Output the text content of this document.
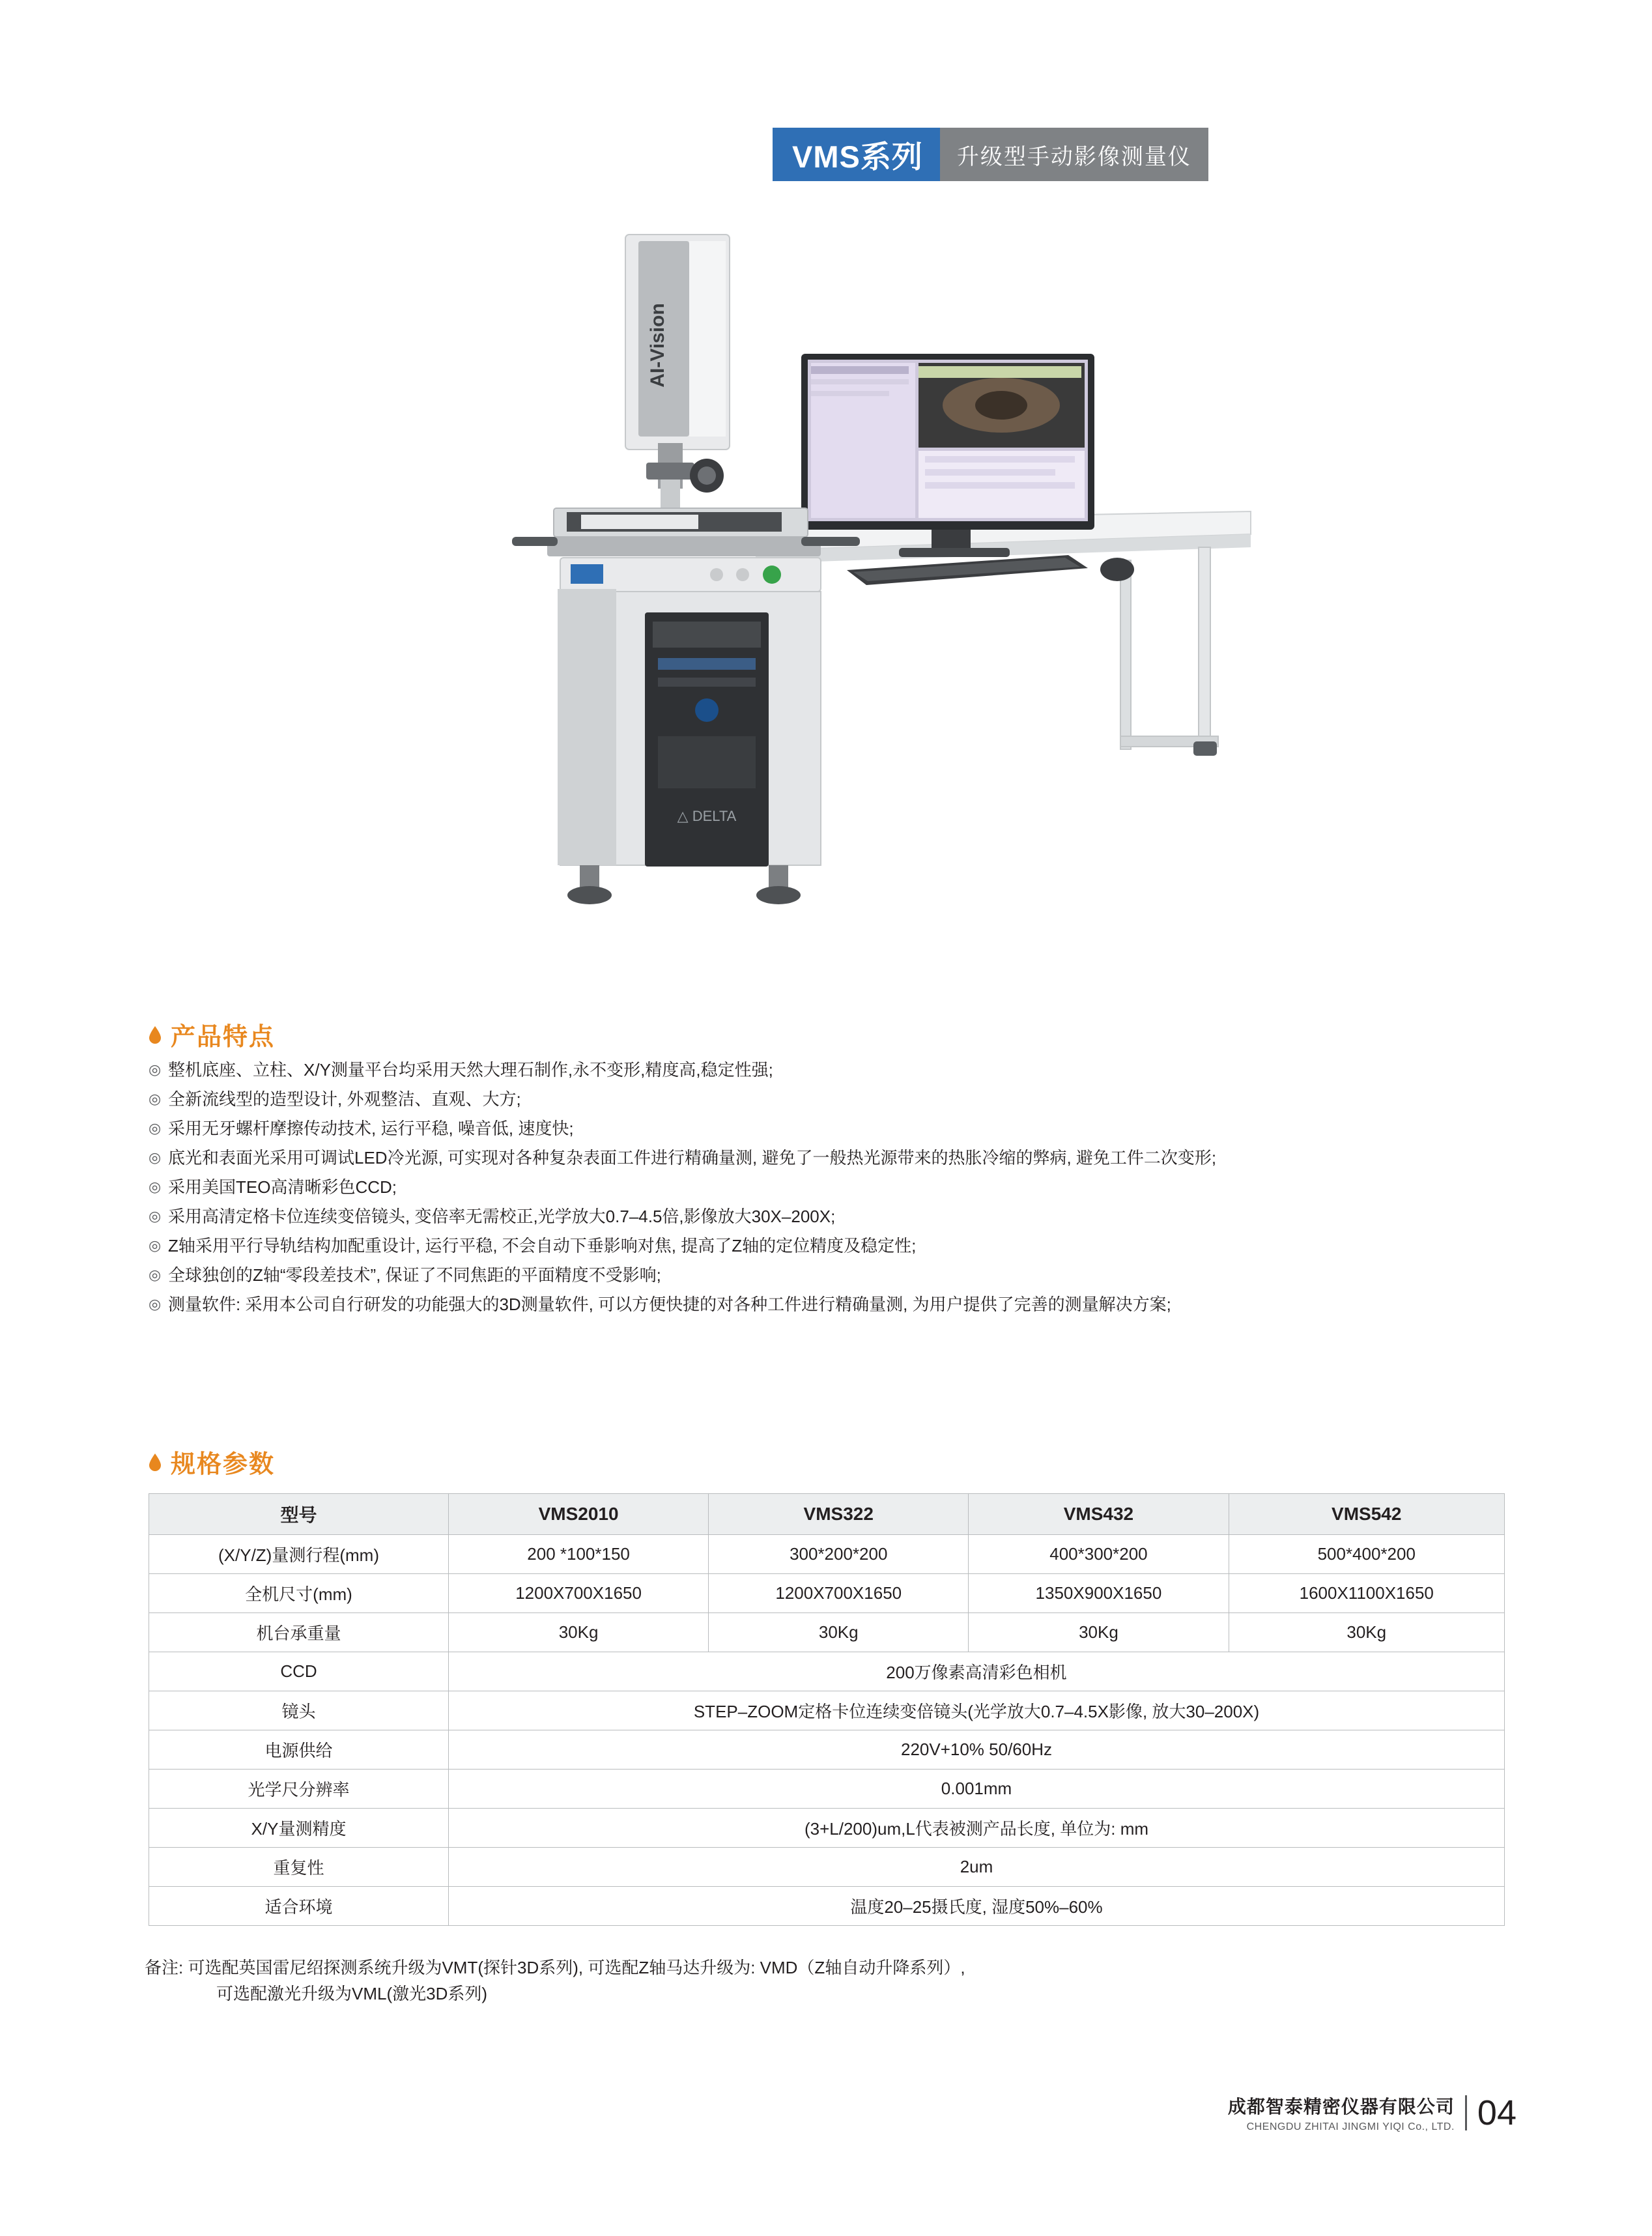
VMS系列	升级型手动影像测量仪
AI-Vision
△ DELTA
产品特点
◎ 整机底座、立柱、X/Y测量平台均采用天然大理石制作,永不变形,精度高,稳定性强;
◎ 全新流线型的造型设计, 外观整洁、直观、大方;
◎ 采用无牙螺杆摩擦传动技术, 运行平稳, 噪音低, 速度快;
◎ 底光和表面光采用可调试LED冷光源, 可实现对各种复杂表面工件进行精确量测, 避免了一般热光源带来的热胀冷缩的弊病, 避免工件二次变形;
◎ 采用美国TEO高清晰彩色CCD;
◎ 采用高清定格卡位连续变倍镜头, 变倍率无需校正,光学放大0.7–4.5倍,影像放大30X–200X;
◎ Z轴采用平行导轨结构加配重设计, 运行平稳, 不会自动下垂影响对焦, 提高了Z轴的定位精度及稳定性;
◎ 全球独创的Z轴“零段差技术”, 保证了不同焦距的平面精度不受影响;
◎ 测量软件: 采用本公司自行研发的功能强大的3D测量软件, 可以方便快捷的对各种工件进行精确量测, 为用户提供了完善的测量解决方案;
规格参数
型号	VMS2010	VMS322	VMS432	VMS542
(X/Y/Z)量测行程(mm)	200 *100*150	300*200*200	400*300*200	500*400*200
全机尺寸(mm)	1200X700X1650	1200X700X1650	1350X900X1650	1600X1100X1650
机台承重量	30Kg	30Kg	30Kg	30Kg
CCD	200万像素高清彩色相机			
镜头	STEP–ZOOM定格卡位连续变倍镜头(光学放大0.7–4.5X影像, 放大30–200X)			
电源供给	220V+10% 50/60Hz			
光学尺分辨率	0.001mm			
X/Y量测精度	(3+L/200)um,L代表被测产品长度, 单位为: mm			
重复性	2um			
适合环境	温度20–25摄氏度, 湿度50%–60%			
备注: 可选配英国雷尼绍探测系统升级为VMT(探针3D系列), 可选配Z轴马达升级为: VMD（Z轴自动升降系列）,
可选配激光升级为VML(激光3D系列)
成都智泰精密仪器有限公司
CHENGDU ZHITAI JINGMI YIQI Co., LTD. 04
